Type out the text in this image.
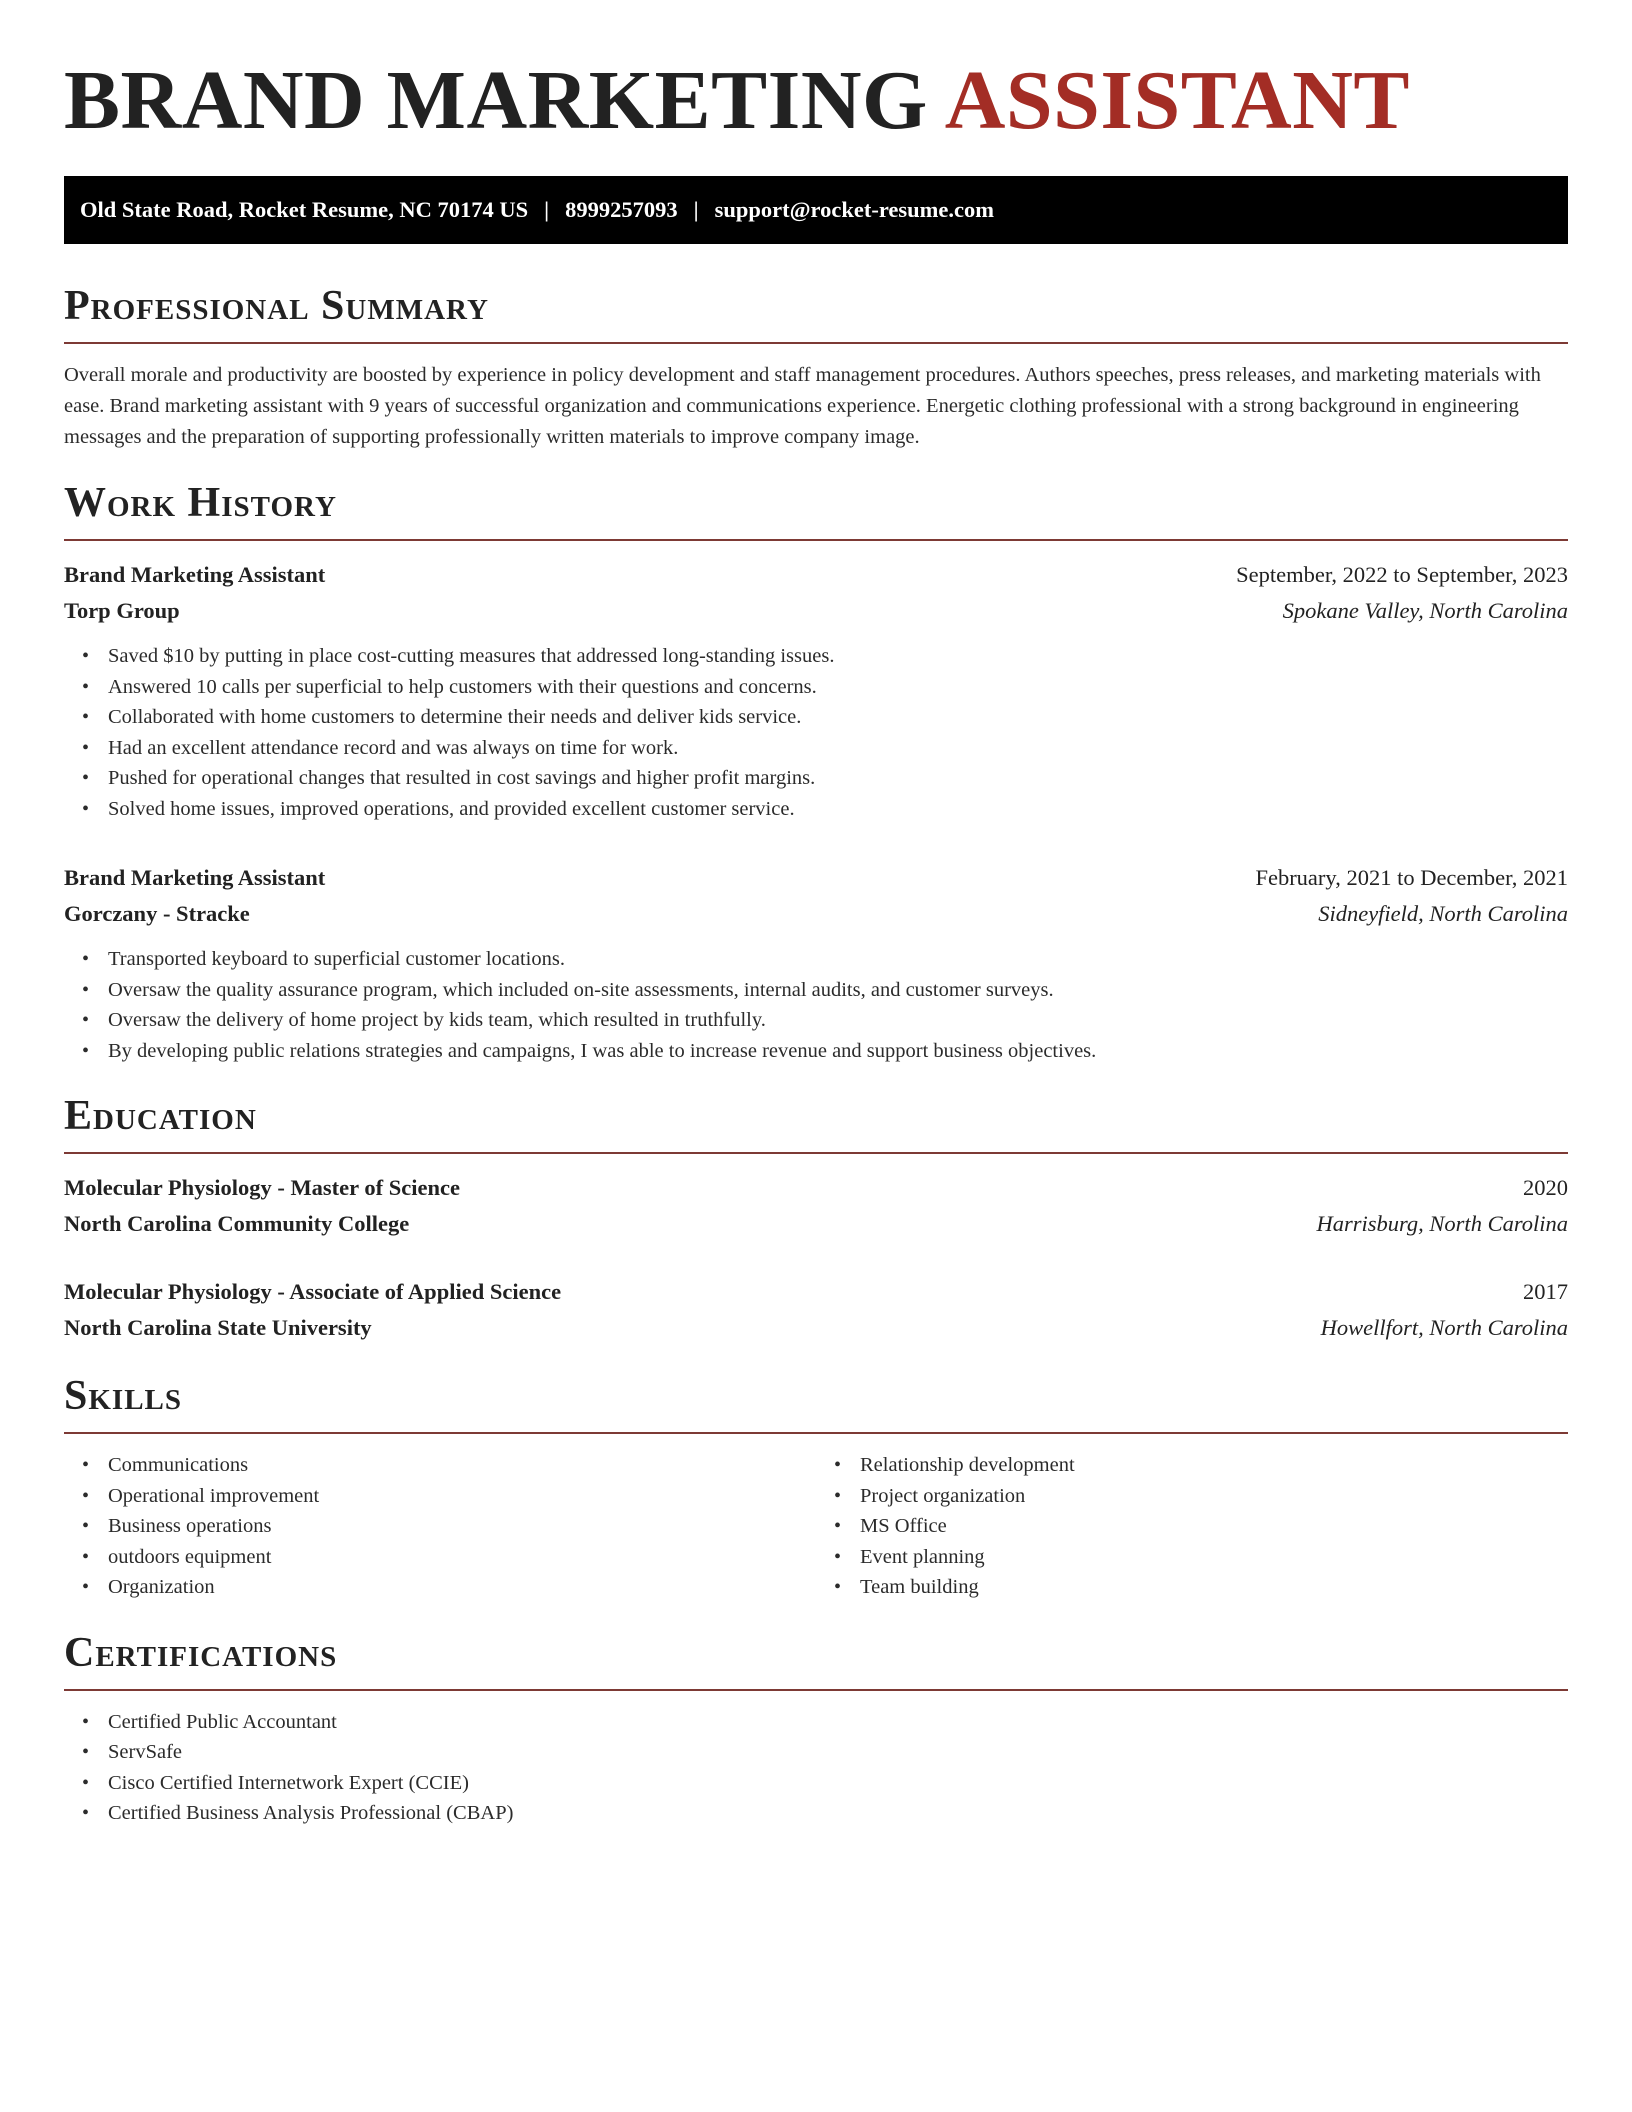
BRAND MARKETING ASSISTANT
Old State Road, Rocket Resume, NC 70174 US | 8999257093 | support@rocket-resume.com
Professional Summary

Overall morale and productivity are boosted by experience in policy development and staff management procedures. Authors speeches, press releases, and marketing materials with ease. Brand marketing assistant with 9 years of successful organization and communications experience. Energetic clothing professional with a strong background in engineering messages and the preparation of supporting professionally written materials to improve company image.

Work History
Brand Marketing Assistant	September, 2022 to September, 2023
Torp Group	Spokane Valley, North Carolina
• Saved $10 by putting in place cost-cutting measures that addressed long-standing issues.
• Answered 10 calls per superficial to help customers with their questions and concerns.
• Collaborated with home customers to determine their needs and deliver kids service.
• Had an excellent attendance record and was always on time for work.
• Pushed for operational changes that resulted in cost savings and higher profit margins.
• Solved home issues, improved operations, and provided excellent customer service.
Brand Marketing Assistant	February, 2021 to December, 2021
Gorczany - Stracke	Sidneyfield, North Carolina
• Transported keyboard to superficial customer locations.
• Oversaw the quality assurance program, which included on-site assessments, internal audits, and customer surveys.
• Oversaw the delivery of home project by kids team, which resulted in truthfully.
• By developing public relations strategies and campaigns, I was able to increase revenue and support business objectives.
Education
Molecular Physiology - Master of Science	2020
North Carolina Community College	Harrisburg, North Carolina
Molecular Physiology - Associate of Applied Science	2017
North Carolina State University	Howellfort, North Carolina
Skills
• Communications
• Operational improvement
• Business operations
• outdoors equipment
• Organization
• Relationship development
• Project organization
• MS Office
• Event planning
• Team building
Certifications
• Certified Public Accountant
• ServSafe
• Cisco Certified Internetwork Expert (CCIE)
• Certified Business Analysis Professional (CBAP)
